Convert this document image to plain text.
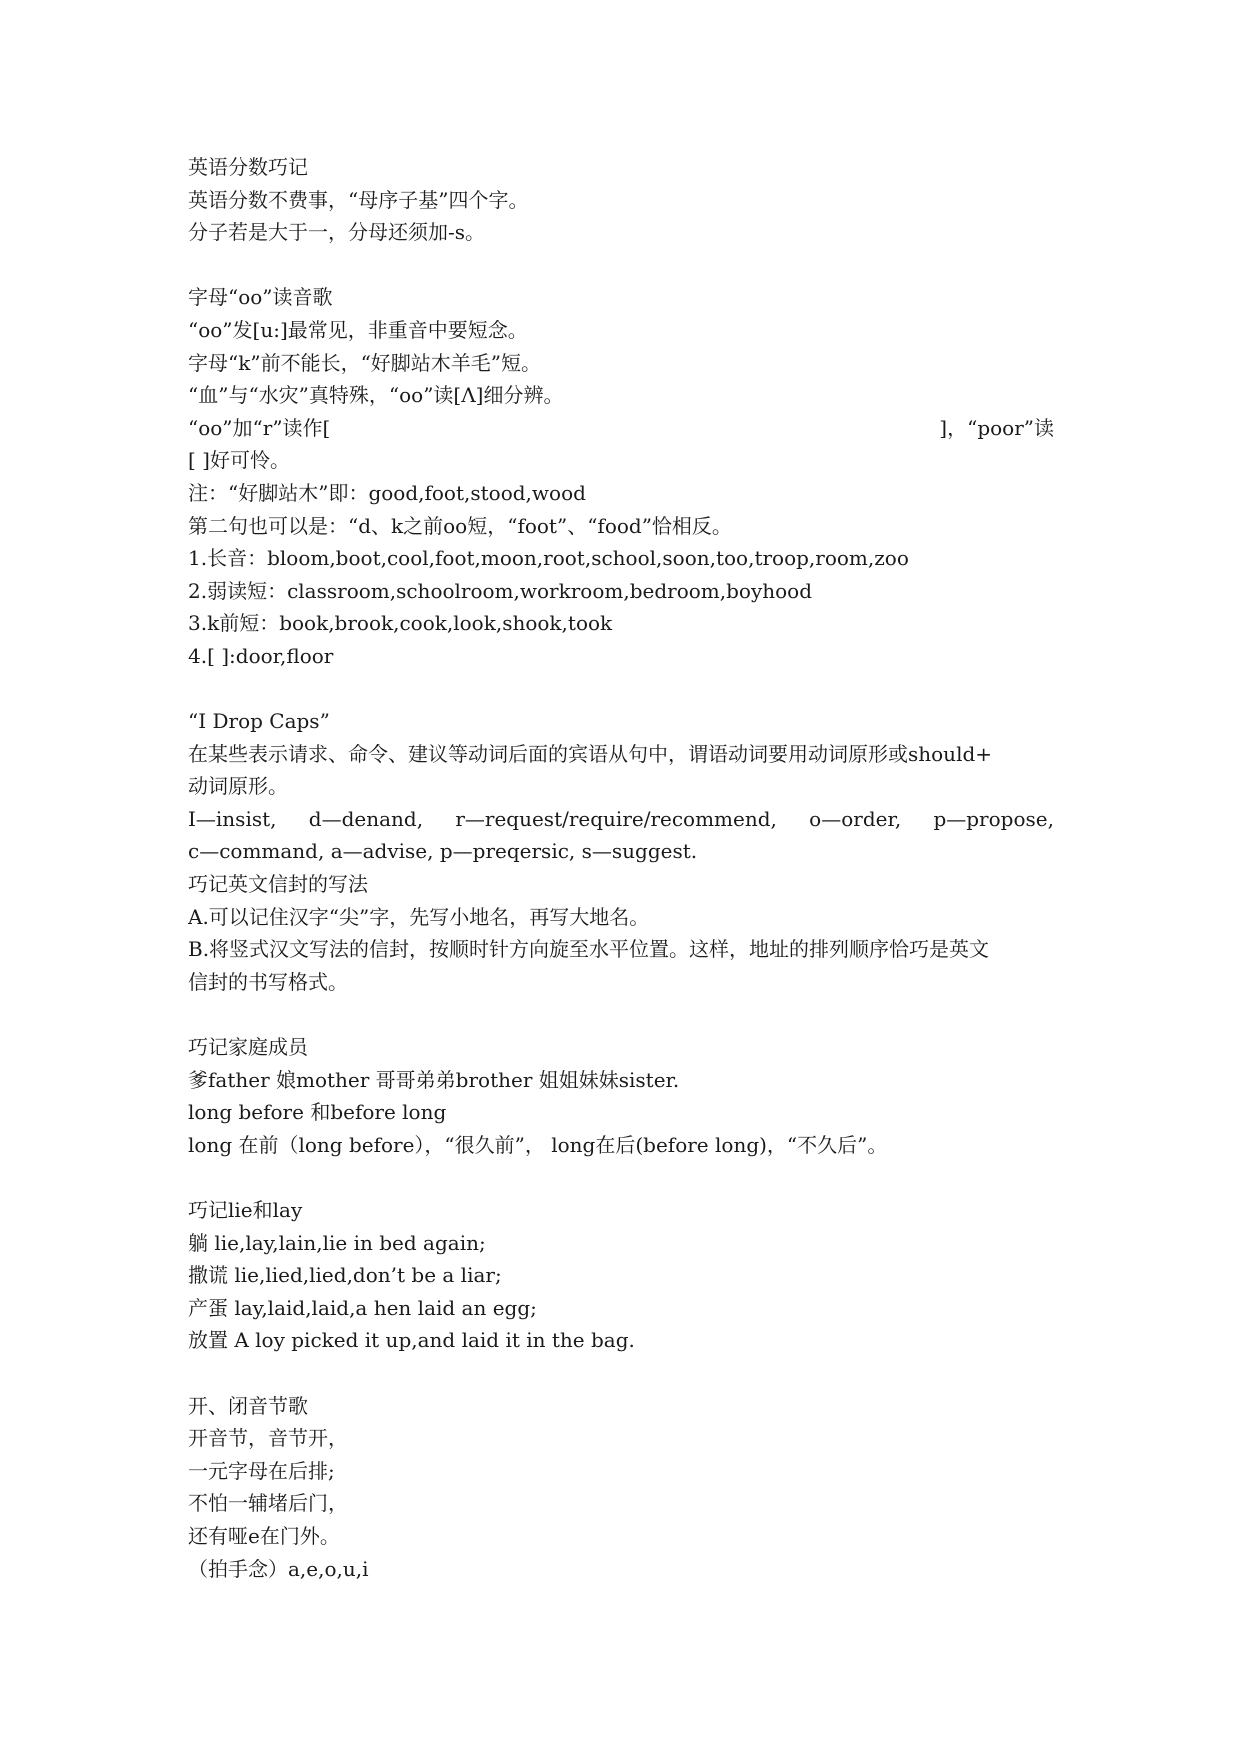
英语分数巧记
英语分数不费事，“母序子基”四个字。
分子若是大于一，分母还须加-s。
字母“oo”读音歌
“oo”发[u:]最常见，非重音中要短念。
字母“k”前不能长，“好脚站木羊毛”短。
“血”与“水灾”真特殊，“oo”读[Λ]细分辨。
“oo”加“r”读作[	]，“poor”读
[ ]好可怜。
注：“好脚站木”即：good,foot,stood,wood
第二句也可以是：“d、k之前oo短，“foot”、“food”恰相反。
1.长音：bloom,boot,cool,foot,moon,root,school,soon,too,troop,room,zoo
2.弱读短：classroom,schoolroom,workroom,bedroom,boyhood
3.k前短：book,brook,cook,look,shook,took
4.[ ]:door,floor
“I Drop Caps”
在某些表示请求、命令、建议等动词后面的宾语从句中，谓语动词要用动词原形或should+
动词原形。
I—insist, d—denand, r—request/require/recommend, o—order, p—propose,
c—command, a—advise, p—preqersic, s—suggest.
巧记英文信封的写法
A.可以记住汉字“尖”字，先写小地名，再写大地名。
B.将竖式汉文写法的信封，按顺时针方向旋至水平位置。这样，地址的排列顺序恰巧是英文
信封的书写格式。
巧记家庭成员
爹father 娘mother 哥哥弟弟brother 姐姐妹妹sister.
long before 和before long
long 在前（long before），“很久前”， long在后(before long)，“不久后”。
巧记lie和lay
躺 lie,lay,lain,lie in bed again;
撒谎 lie,lied,lied,don’t be a liar;
产蛋 lay,laid,laid,a hen laid an egg;
放置 A loy picked it up,and laid it in the bag.
开、闭音节歌
开音节，音节开，
一元字母在后排;
不怕一辅堵后门，
还有哑e在门外。
（拍手念）a,e,o,u,i
